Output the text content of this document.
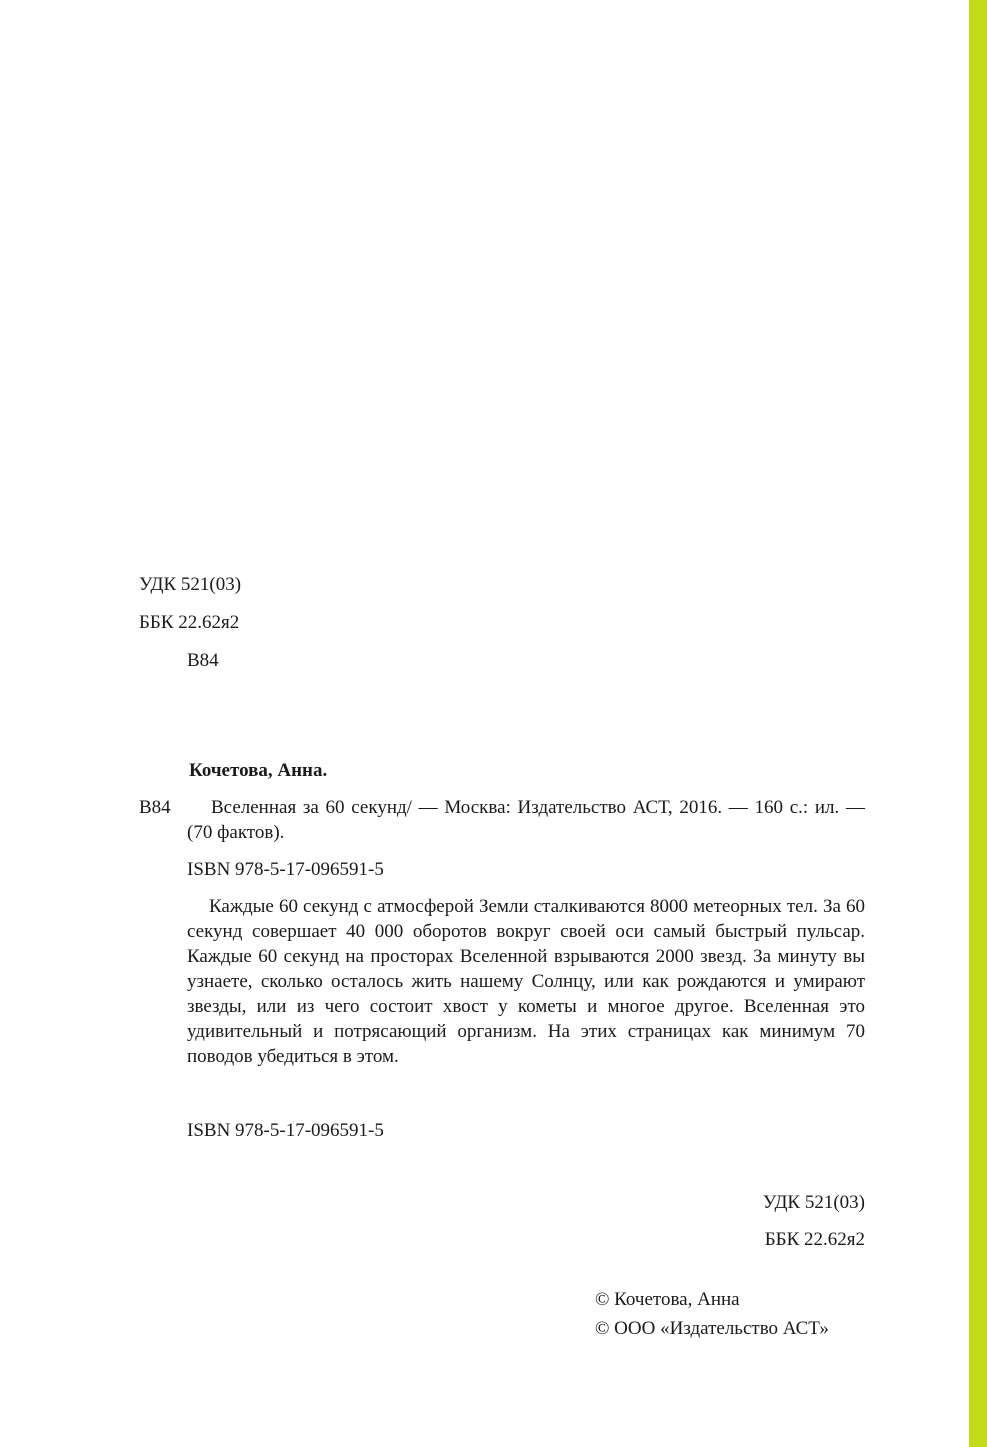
УДК 521(03)
ББК 22.62я2
В84
Кочетова, Анна.
В84	Вселенная за 60 секунд/ — Москва: Издательство АСТ, 2016. — 160 с.: ил. — (70 фактов).
ISBN 978-5-17-096591-5
Каждые 60 секунд с атмосферой Земли сталкиваются 8000 метеорных тел. За 60 секунд совершает 40 000 оборотов вокруг своей оси самый быстрый пульсар. Каждые 60 секунд на просторах Вселенной взрываются 2000 звезд. За минуту вы узнаете, сколько осталось жить нашему Солнцу, или как рождаются и умирают звезды, или из чего состоит хвост у кометы и многое другое. Вселенная это удивительный и потрясающий организм. На этих страницах как минимум 70 поводов убедиться в этом.
ISBN 978-5-17-096591-5
УДК 521(03)
ББК 22.62я2
© Кочетова, Анна
© ООО «Издательство АСТ»
